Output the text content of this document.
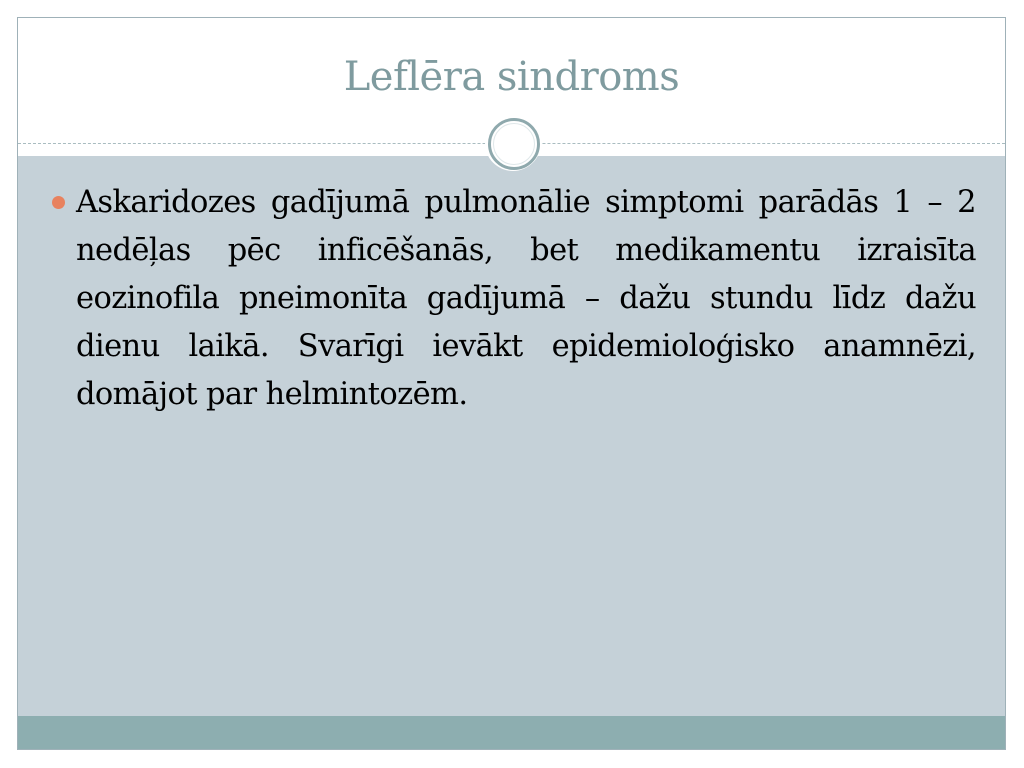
Leflēra sindroms
Askaridozes gadījumā pulmonālie simptomi parādās 1 – 2 nedēļas pēc inficēšanās, bet medikamentu izraisīta eozinofila pneimonīta gadījumā – dažu stundu līdz dažu dienu laikā. Svarīgi ievākt epidemioloģisko anamnēzi, domājot par helmintozēm.
